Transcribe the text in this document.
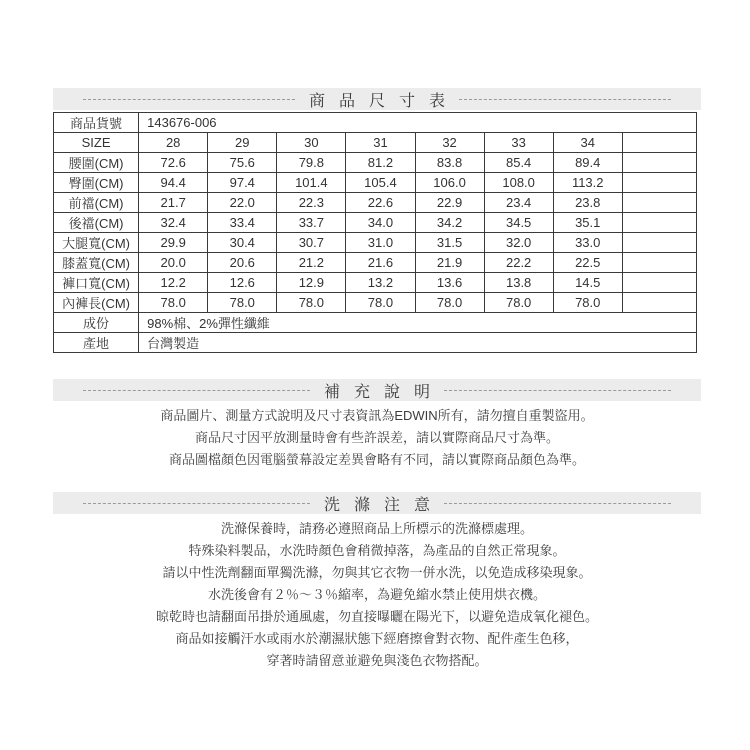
商品尺寸表
商品貨號	143676-006							
SIZE	28	29	30	31	32	33	34	
腰圍(CM)	72.6	75.6	79.8	81.2	83.8	85.4	89.4	
臀圍(CM)	94.4	97.4	101.4	105.4	106.0	108.0	113.2	
前襠(CM)	21.7	22.0	22.3	22.6	22.9	23.4	23.8	
後襠(CM)	32.4	33.4	33.7	34.0	34.2	34.5	35.1	
大腿寬(CM)	29.9	30.4	30.7	31.0	31.5	32.0	33.0	
膝蓋寬(CM)	20.0	20.6	21.2	21.6	21.9	22.2	22.5	
褲口寬(CM)	12.2	12.6	12.9	13.2	13.6	13.8	14.5	
內褲長(CM)	78.0	78.0	78.0	78.0	78.0	78.0	78.0	
成份	98%棉、2%彈性纖維							
產地	台灣製造							
補充說明
商品圖片、測量方式說明及尺寸表資訊為EDWIN所有，請勿擅自重製盜用。
商品尺寸因平放測量時會有些許誤差，請以實際商品尺寸為準。
商品圖檔顏色因電腦螢幕設定差異會略有不同，請以實際商品顏色為準。
洗滌注意
洗滌保養時，請務必遵照商品上所標示的洗滌標處理。
特殊染料製品，水洗時顏色會稍微掉落，為產品的自然正常現象。
請以中性洗劑翻面單獨洗滌，勿與其它衣物一併水洗，以免造成移染現象。
水洗後會有２％～３％縮率，為避免縮水禁止使用烘衣機。
晾乾時也請翻面吊掛於通風處，勿直接曝曬在陽光下，以避免造成氧化褪色。
商品如接觸汗水或雨水於潮濕狀態下經磨擦會對衣物、配件產生色移，
穿著時請留意並避免與淺色衣物搭配。
